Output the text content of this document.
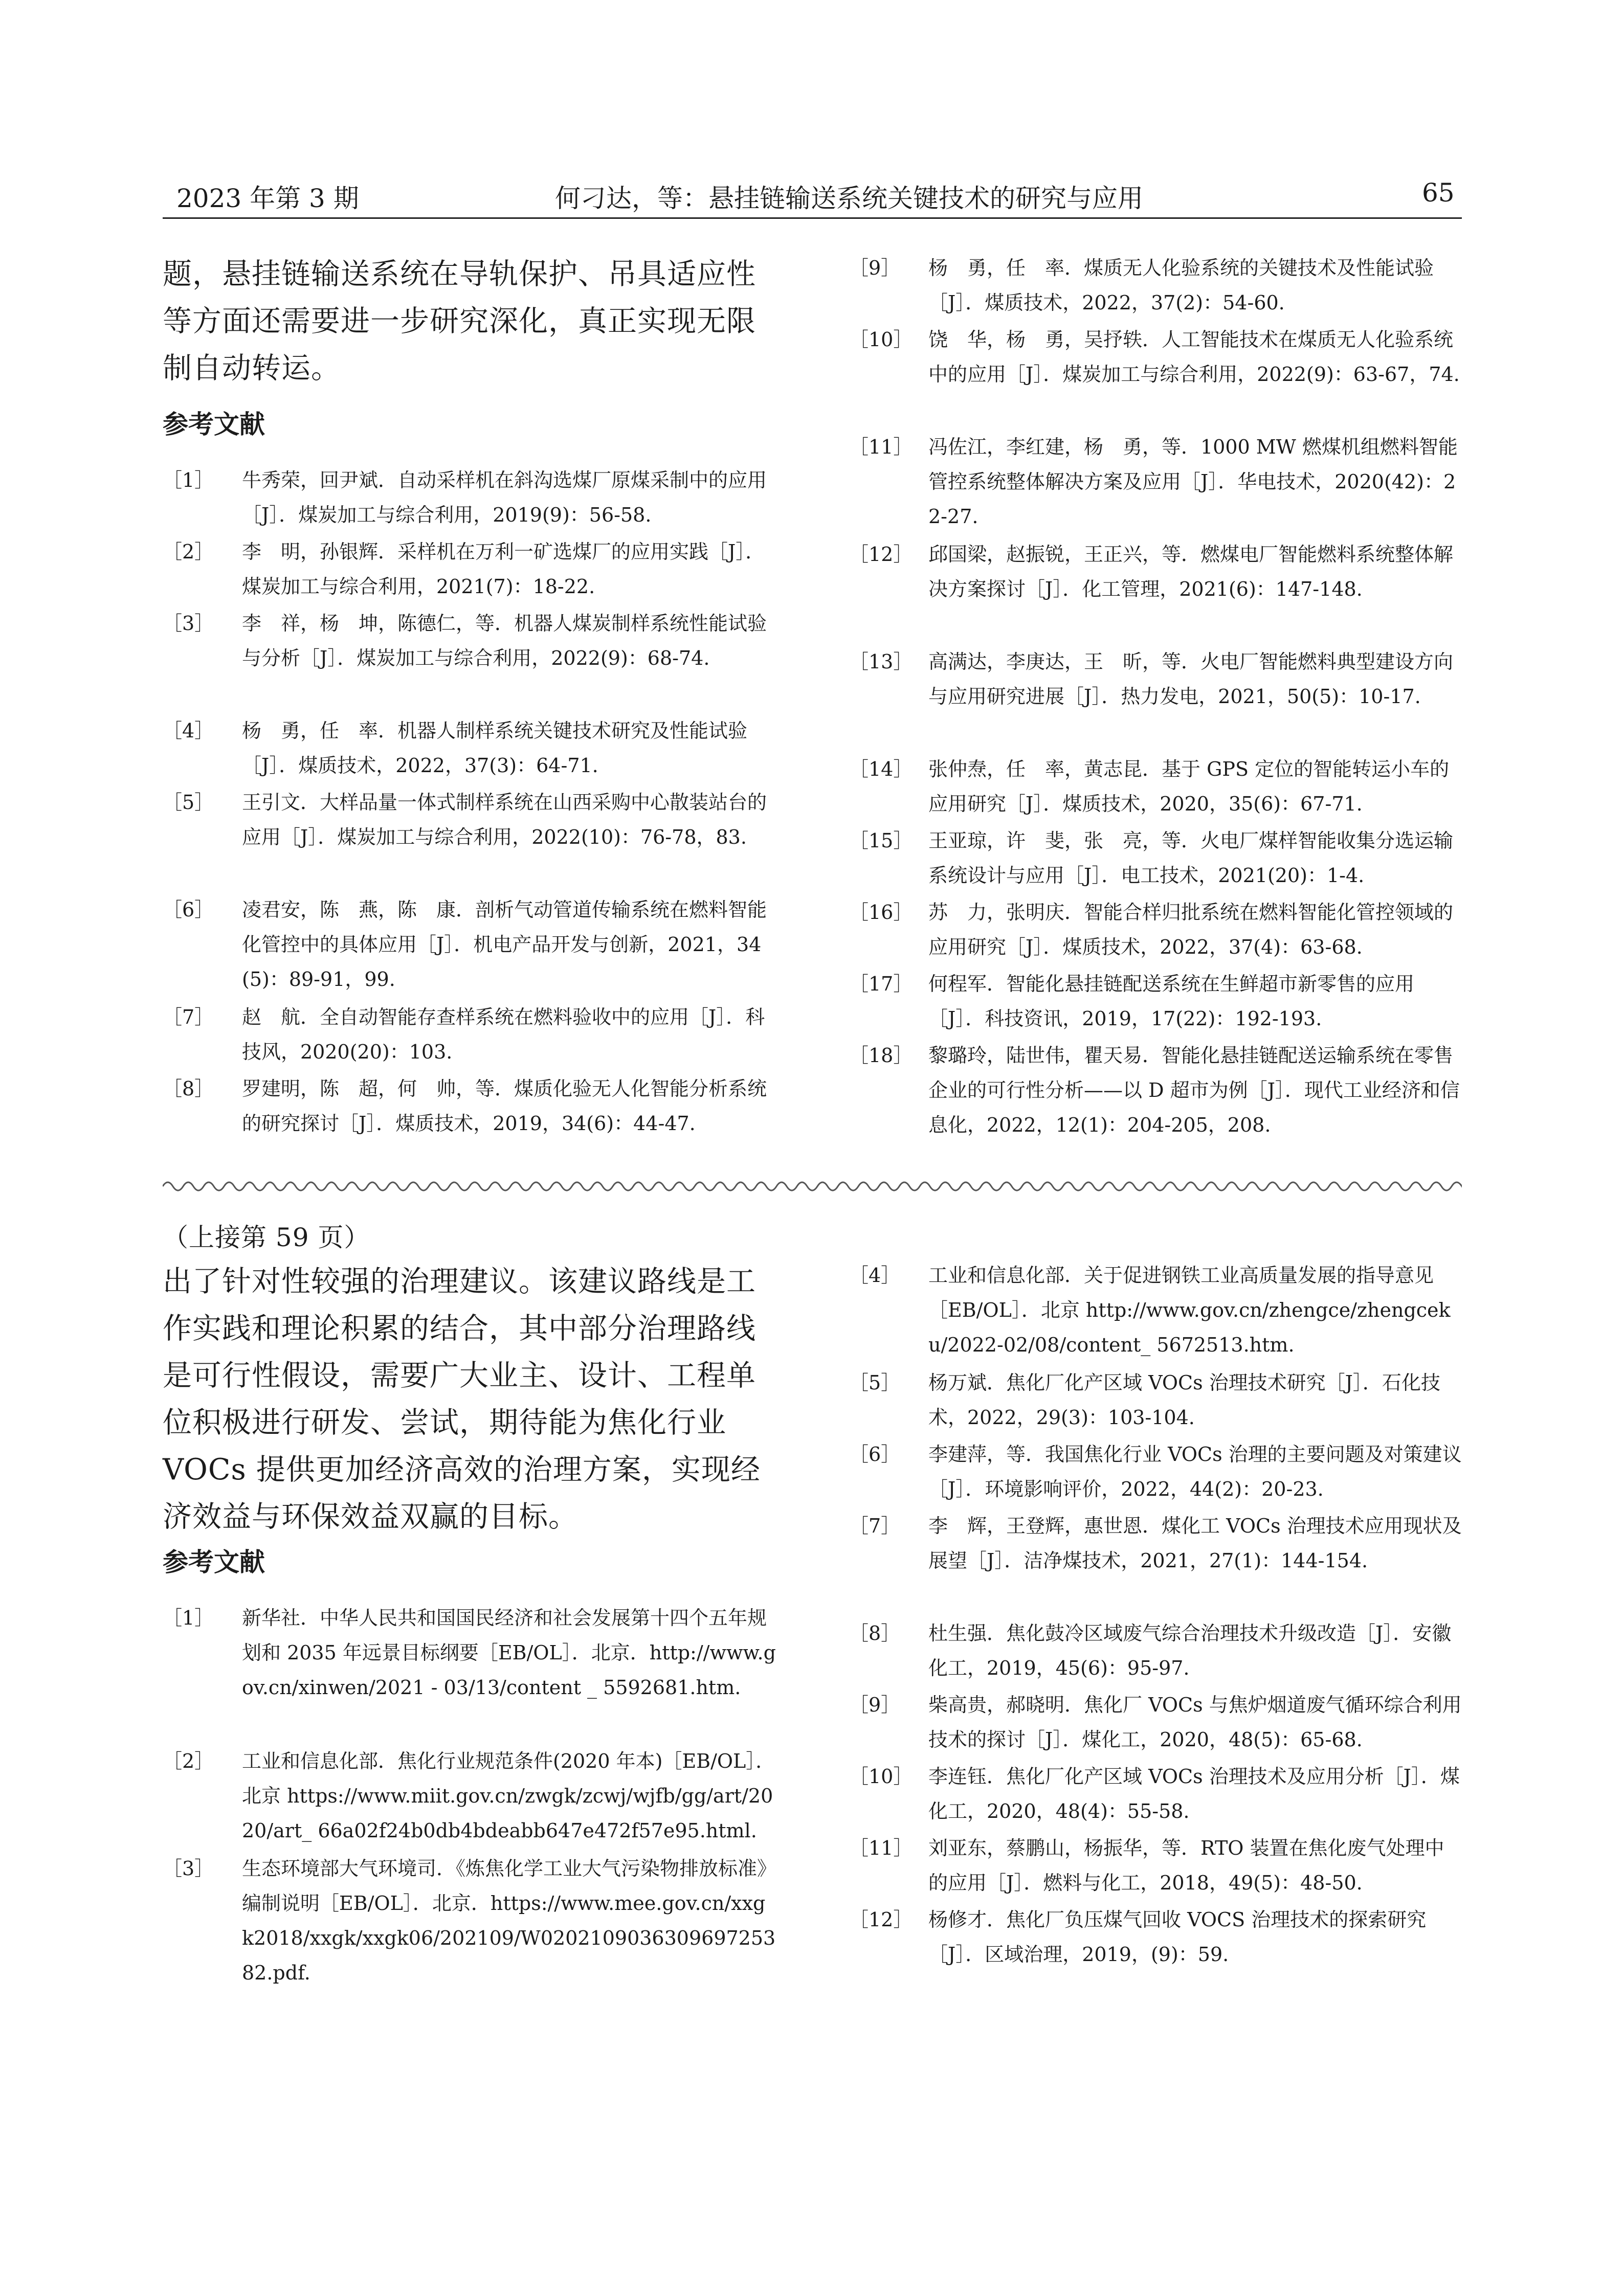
2023 年第 3 期	何刁达，等：悬挂链输送系统关键技术的研究与应用	65
题，悬挂链输送系统在导轨保护、吊具适应性等方面还需要进一步研究深化，真正实现无限制自动转运。
参考文献
［1］ 牛秀荣，回尹斌．自动采样机在斜沟选煤厂原煤采制中的应用［J］．煤炭加工与综合利用，2019(9)：56-58.
［2］ 李　明，孙银辉．采样机在万利一矿选煤厂的应用实践［J］．煤炭加工与综合利用，2021(7)：18-22.
［3］ 李　祥，杨　坤，陈德仁，等．机器人煤炭制样系统性能试验与分析［J］．煤炭加工与综合利用，2022(9)：68-74.
［4］ 杨　勇，任　率．机器人制样系统关键技术研究及性能试验［J］．煤质技术，2022，37(3)：64-71.
［5］ 王引文．大样品量一体式制样系统在山西采购中心散装站台的应用［J］．煤炭加工与综合利用，2022(10)：76-78，83.
［6］ 凌君安，陈　燕，陈　康．剖析气动管道传输系统在燃料智能化管控中的具体应用［J］．机电产品开发与创新，2021，34(5)：89-91，99.
［7］ 赵　航．全自动智能存查样系统在燃料验收中的应用［J］．科技风，2020(20)：103.
［8］ 罗建明，陈　超，何　帅，等．煤质化验无人化智能分析系统的研究探讨［J］．煤质技术，2019，34(6)：44-47.
［9］ 杨　勇，任　率．煤质无人化验系统的关键技术及性能试验［J］．煤质技术，2022，37(2)：54-60.
［10］ 饶　华，杨　勇，吴抒轶．人工智能技术在煤质无人化验系统中的应用［J］．煤炭加工与综合利用，2022(9)：63-67，74.
［11］ 冯佐江，李红建，杨　勇，等．1000 MW 燃煤机组燃料智能管控系统整体解决方案及应用［J］．华电技术，2020(42)：22-27.
［12］ 邱国梁，赵振锐，王正兴，等．燃煤电厂智能燃料系统整体解决方案探讨［J］．化工管理，2021(6)：147-148.
［13］ 高满达，李庚达，王　昕，等．火电厂智能燃料典型建设方向与应用研究进展［J］．热力发电，2021，50(5)：10-17.
［14］ 张仲焘，任　率，黄志昆．基于 GPS 定位的智能转运小车的应用研究［J］．煤质技术，2020，35(6)：67-71.
［15］ 王亚琼，许　斐，张　亮，等．火电厂煤样智能收集分选运输系统设计与应用［J］．电工技术，2021(20)：1-4.
［16］ 苏　力，张明庆．智能合样归批系统在燃料智能化管控领域的应用研究［J］．煤质技术，2022，37(4)：63-68.
［17］ 何程军．智能化悬挂链配送系统在生鲜超市新零售的应用［J］．科技资讯，2019，17(22)：192-193.
［18］ 黎璐玲，陆世伟，瞿天易．智能化悬挂链配送运输系统在零售企业的可行性分析——以 D 超市为例［J］．现代工业经济和信息化，2022，12(1)：204-205，208.
（上接第 59 页）
出了针对性较强的治理建议。该建议路线是工作实践和理论积累的结合，其中部分治理路线是可行性假设，需要广大业主、设计、工程单位积极进行研发、尝试，期待能为焦化行业 VOCs 提供更加经济高效的治理方案，实现经济效益与环保效益双赢的目标。
参考文献
［1］ 新华社．中华人民共和国国民经济和社会发展第十四个五年规划和 2035 年远景目标纲要［EB/OL］．北京．http://www.gov.cn/xinwen/2021 - 03/13/content _ 5592681.htm.
［2］ 工业和信息化部．焦化行业规范条件(2020 年本)［EB/OL］．北京 https://www.miit.gov.cn/zwgk/zcwj/wjfb/gg/art/2020/art_ 66a02f24b0db4bdeabb647e472f57e95.html.
［3］ 生态环境部大气环境司．《炼焦化学工业大气污染物排放标准》编制说明［EB/OL］．北京．https://www.mee.gov.cn/xxgk2018/xxgk/xxgk06/202109/W020210903630969725382.pdf.
［4］ 工业和信息化部．关于促进钢铁工业高质量发展的指导意见［EB/OL］．北京 http://www.gov.cn/zhengce/zhengceku/2022-02/08/content_ 5672513.htm.
［5］ 杨万斌．焦化厂化产区域 VOCs 治理技术研究［J］．石化技术，2022，29(3)：103-104.
［6］ 李建萍，等．我国焦化行业 VOCs 治理的主要问题及对策建议［J］．环境影响评价，2022，44(2)：20-23.
［7］ 李　辉，王登辉，惠世恩．煤化工 VOCs 治理技术应用现状及展望［J］．洁净煤技术，2021，27(1)：144-154.
［8］ 杜生强．焦化鼓冷区域废气综合治理技术升级改造［J］．安徽化工，2019，45(6)：95-97.
［9］ 柴高贵，郝晓明．焦化厂 VOCs 与焦炉烟道废气循环综合利用技术的探讨［J］．煤化工，2020，48(5)：65-68.
［10］ 李连钰．焦化厂化产区域 VOCs 治理技术及应用分析［J］．煤化工，2020，48(4)：55-58.
［11］ 刘亚东，蔡鹏山，杨振华，等．RTO 装置在焦化废气处理中的应用［J］．燃料与化工，2018，49(5)：48-50.
［12］ 杨修才．焦化厂负压煤气回收 VOCS 治理技术的探索研究［J］．区域治理，2019，(9)：59.
